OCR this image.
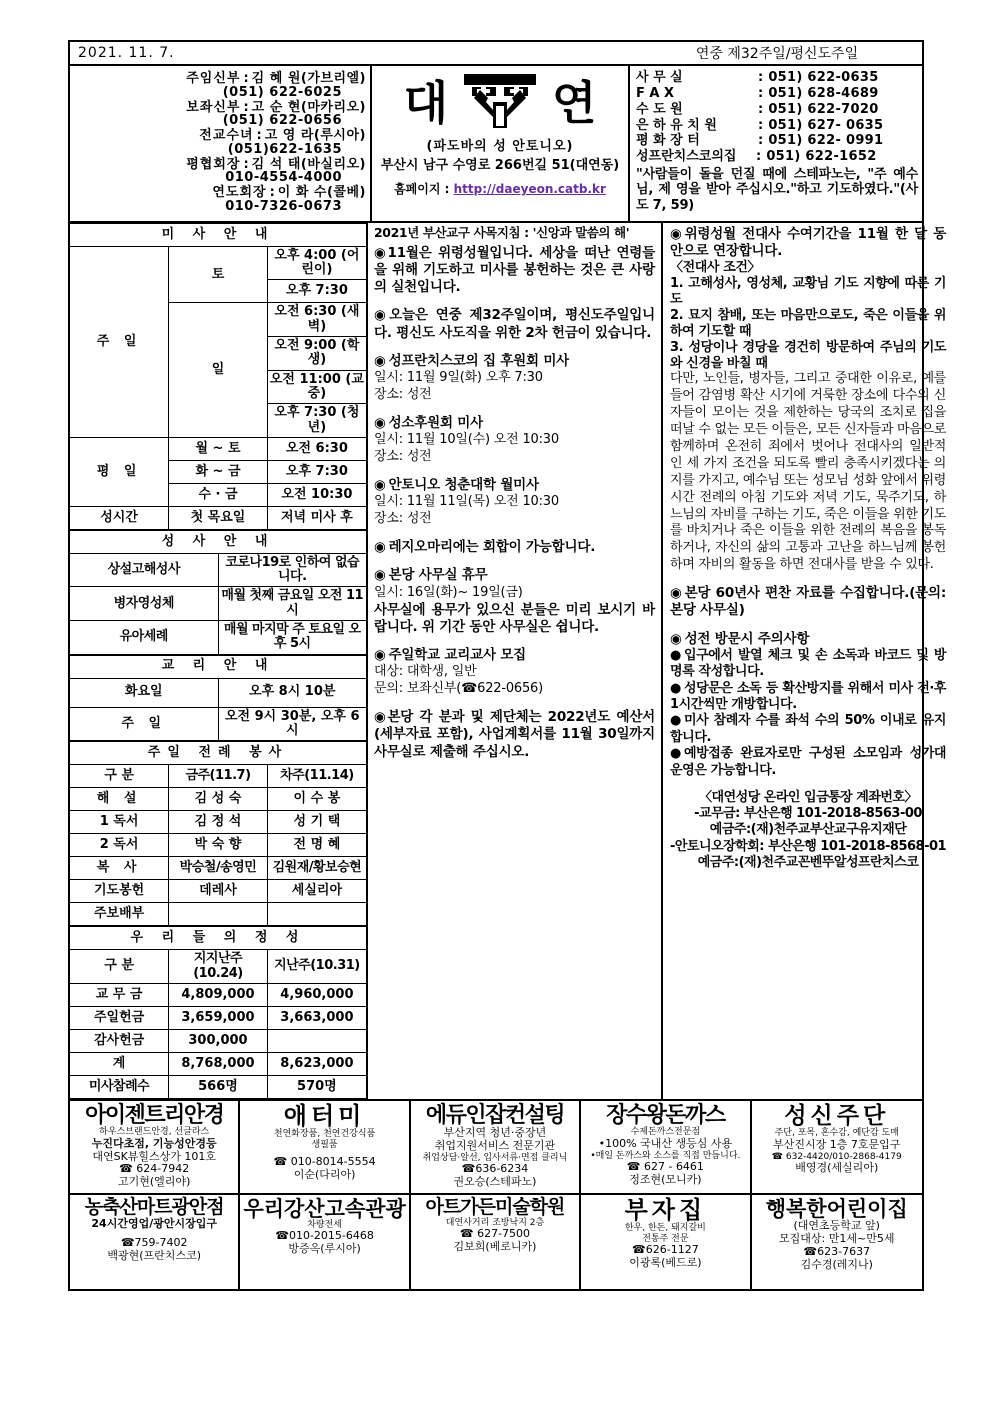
2021. 11. 7.	연중 제32주일/평신도주일
주임신부 : 김 혜 원(가브리엘)
(051) 622-6025
보좌신부 : 고 순 현(마카리오)
(051) 622-0656
전교수녀 : 고 영 라(루시아)
(051)622-1635
평협회장 : 김 석 태(바실리오)
010-4554-4000
연도회장 : 이 화 수(콜베)
010-7326-0673
대 연
(파도바의 성 안토니오)
부산시 남구 수영로 266번길 51(대연동)
홈페이지 : http://daeyeon.catb.kr
사 무 실	: 051) 622-0635
F A X	: 051) 628-4689
수 도 원	: 051) 622-7020
은 하 유 치 원	: 051) 627- 0635
평 화 장 터	: 051) 622- 0991
성프란치스코의집	: 051) 622-1652
"사람들이 돌을 던질 때에 스테파노는, "주 예수님, 제 영을 받아 주십시오."하고 기도하였다."(사도 7, 59)
미 사 안 내		
주 일	토	오후 4:00 (어린이)
		오후 7:30
	일	오전 6:30 (새벽)
		오전 9:00 (학생)
		오전 11:00 (교중)
		오후 7:30 (청년)
평 일	월 ~ 토	오전 6:30
	화 ~ 금	오후 7:30
	수 · 금	오전 10:30
성시간	첫 목요일	저녁 미사 후
성 사 안 내	
상설고해성사	코로나19로 인하여 없습니다.
병자영성체	매월 첫째 금요일 오전 11시
유아세례	매월 마지막 주 토요일 오후 5시
교 리 안 내	
화요일	오후 8시 10분
주 일	오전 9시 30분, 오후 6시
주일 전례 봉사		
구 분	금주(11.7)	차주(11.14)
해 설	김 성 숙	이 수 봉
1 독서	김 정 석	성 기 택
2 독서	박 숙 향	전 명 혜
복 사	박승철/송영민	김원재/황보승현
기도봉헌	데레사	세실리아
주보배부		
우 리 들 의 정 성		
구 분	지지난주(10.24)	지난주(10.31)
교 무 금	4,809,000	4,960,000
주일헌금	3,659,000	3,663,000
감사헌금	300,000	
계	8,768,000	8,623,000
미사참례수	566명	570명
2021년 부산교구 사목지침 : '신앙과 말씀의 해'
◉11월은 위령성월입니다. 세상을 떠난 연령들을 위해 기도하고 미사를 봉헌하는 것은 큰 사랑의 실천입니다.
◉오늘은 연중 제32주일이며, 평신도주일입니다. 평신도 사도직을 위한 2차 헌금이 있습니다.
◉ 성프란치스코의 집 후원회 미사
일시: 11월 9일(화) 오후 7:30
장소: 성전
◉ 성소후원회 미사
일시: 11월 10일(수) 오전 10:30
장소: 성전
◉ 안토니오 청춘대학 월미사
일시: 11월 11일(목) 오전 10:30
장소: 성전
◉ 레지오마리에는 회합이 가능합니다.
◉ 본당 사무실 휴무
일시: 16일(화)~ 19일(금)
사무실에 용무가 있으신 분들은 미리 보시기 바랍니다. 위 기간 동안 사무실은 쉽니다.
◉ 주일학교 교리교사 모집
대상: 대학생, 일반
문의: 보좌신부(☎622-0656)
◉본당 각 분과 및 제단체는 2022년도 예산서(세부자료 포함), 사업계획서를 11월 30일까지 사무실로 제출해 주십시오.
◉ 위령성월 전대사 수여기간을 11월 한 달 동안으로 연장합니다.
〈전대사 조건〉
1. 고해성사, 영성체, 교황님 기도 지향에 따른 기도
2. 묘지 참배, 또는 마음만으로도, 죽은 이들을 위하여 기도할 때
3. 성당이나 경당을 경건히 방문하여 주님의 기도와 신경을 바칠 때
다만, 노인들, 병자들, 그리고 중대한 이유로, 예를 들어 감염병 확산 시기에 거룩한 장소에 다수의 신자들이 모이는 것을 제한하는 당국의 조치로 집을 떠날 수 없는 모든 이들은, 모든 신자들과 마음으로 함께하며 온전히 죄에서 벗어나 전대사의 일반적인 세 가지 조건을 되도록 빨리 충족시키겠다는 의지를 가지고, 예수님 또는 성모님 성화 앞에서 위령 시간 전례의 아침 기도와 저녁 기도, 묵주기도, 하느님의 자비를 구하는 기도, 죽은 이들을 위한 기도를 바치거나 죽은 이들을 위한 전례의 복음을 봉독하거나, 자신의 삶의 고통과 고난을 하느님께 봉헌하며 자비의 활동을 하면 전대사를 받을 수 있다.
◉ 본당 60년사 편찬 자료를 수집합니다.(문의: 본당 사무실)
◉ 성전 방문시 주의사항

● 입구에서 발열 체크 및 손 소독과 바코드 및 방명록 작성합니다.

● 성당문은 소독 등 확산방지를 위해서 미사 전·후 1시간씩만 개방합니다.

● 미사 참례자 수를 좌석 수의 50% 이내로 유지합니다.

● 예방접종 완료자로만 구성된 소모임과 성가대 운영은 가능합니다.

〈대연성당 온라인 입금통장 계좌번호〉
-교무금: 부산은행 101-2018-8563-00
예금주:(재)천주교부산교구유지재단
-안토니오장학회: 부산은행 101-2018-8568-01
예금주:(재)천주교꼰벤뚜알성프란치스코
아이젠트리안경
하우스브랜드안경, 선글라스
누진다초점, 기능성안경등
대연SK뷰힐스상가 101호
☎ 624-7942
고기현(엘리야)
애터미
천연화장품, 천연건강식품
생필품
☎ 010-8014-5554
이순(다리아)
에듀인잡컨설팅
부산지역 청년·중장년
취업지원서비스 전문기관
취업상담·알선, 입사서류·면접 클리닉
☎636-6234
권오승(스테파노)
장수왕돈까스
수제돈까스전문점
•100% 국내산 생등심 사용
•매일 돈까스와 소스를 직접 만듭니다.
☎ 627 - 6461
정조현(모니카)
성신주단
주단, 포목, 혼수감, 예단감 도매
부산진시장 1층 7호문입구
☎ 632-4420/010-2868-4179
배영경(세실리아)
농축산마트광안점
24시간영업/광안시장입구
☎759-7402
백광현(프란치스코)
우리강산고속관광
차량전세
☎010-2015-6468
방증옥(루시아)
아트가든미술학원
대연사거리 조방낙지 2층
☎ 627-7500
김보희(베로니카)
부자집
한우, 한돈, 돼지갈비
전통주 전문
☎626-1127
이광록(베드로)
행복한어린이집
(대연초등학교 앞)
모집대상: 만1세~만5세
☎623-7637
김수경(레지나)
